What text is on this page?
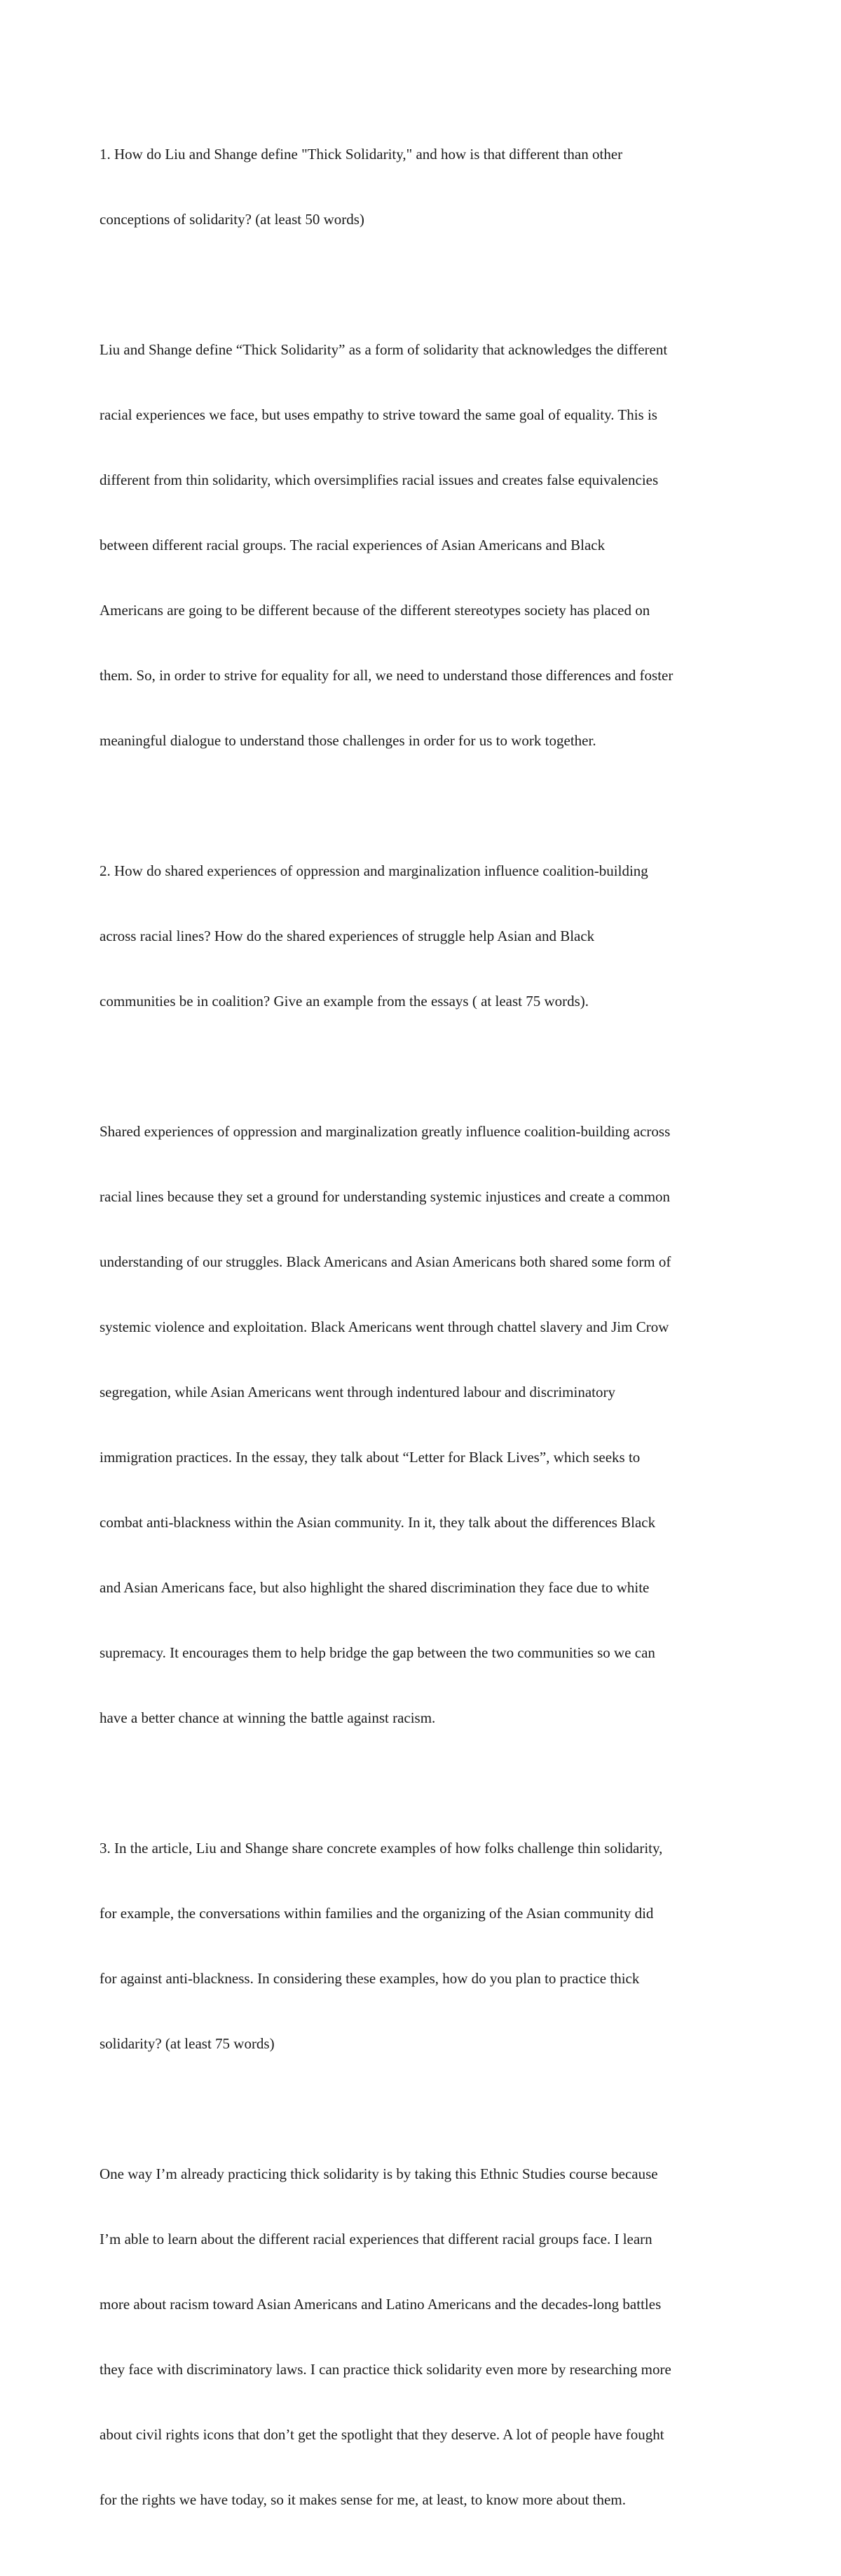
1. How do Liu and Shange define "Thick Solidarity," and how is that different than other

conceptions of solidarity? (at least 50 words)

Liu and Shange define “Thick Solidarity” as a form of solidarity that acknowledges the different

racial experiences we face, but uses empathy to strive toward the same goal of equality. This is

different from thin solidarity, which oversimplifies racial issues and creates false equivalencies

between different racial groups. The racial experiences of Asian Americans and Black

Americans are going to be different because of the different stereotypes society has placed on

them. So, in order to strive for equality for all, we need to understand those differences and foster

meaningful dialogue to understand those challenges in order for us to work together.

2. How do shared experiences of oppression and marginalization influence coalition-building

across racial lines? How do the shared experiences of struggle help Asian and Black

communities be in coalition? Give an example from the essays ( at least 75 words).

Shared experiences of oppression and marginalization greatly influence coalition-building across

racial lines because they set a ground for understanding systemic injustices and create a common

understanding of our struggles. Black Americans and Asian Americans both shared some form of

systemic violence and exploitation. Black Americans went through chattel slavery and Jim Crow

segregation, while Asian Americans went through indentured labour and discriminatory

immigration practices. In the essay, they talk about “Letter for Black Lives”, which seeks to

combat anti-blackness within the Asian community. In it, they talk about the differences Black

and Asian Americans face, but also highlight the shared discrimination they face due to white

supremacy. It encourages them to help bridge the gap between the two communities so we can

have a better chance at winning the battle against racism.

3. In the article, Liu and Shange share concrete examples of how folks challenge thin solidarity,

for example, the conversations within families and the organizing of the Asian community did

for against anti-blackness. In considering these examples, how do you plan to practice thick

solidarity? (at least 75 words)

One way I’m already practicing thick solidarity is by taking this Ethnic Studies course because

I’m able to learn about the different racial experiences that different racial groups face. I learn

more about racism toward Asian Americans and Latino Americans and the decades-long battles

they face with discriminatory laws. I can practice thick solidarity even more by researching more

about civil rights icons that don’t get the spotlight that they deserve. A lot of people have fought

for the rights we have today, so it makes sense for me, at least, to know more about them.
